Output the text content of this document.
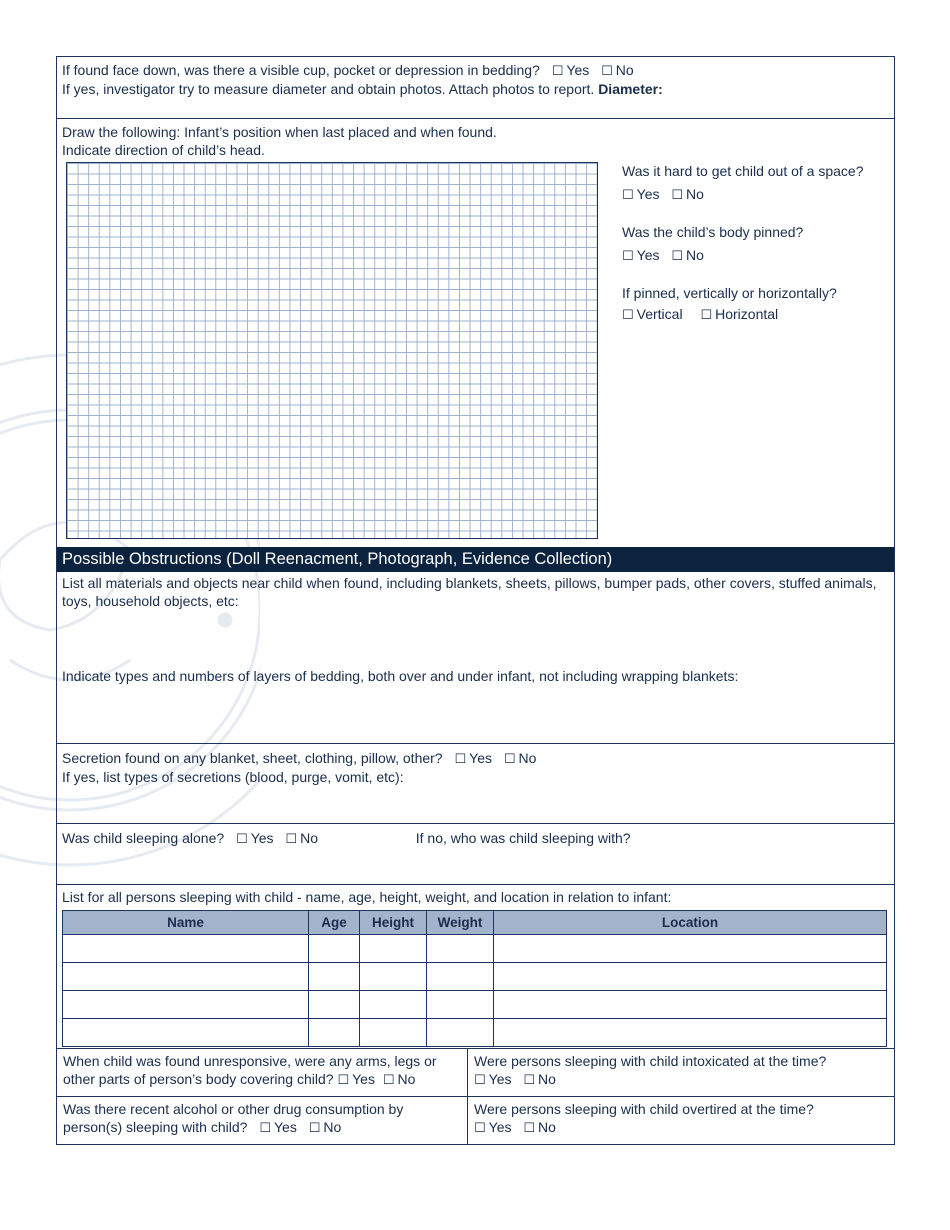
If found face down, was there a visible cup, pocket or depression in bedding? ☐ Yes ☐ No
If yes, investigator try to measure diameter and obtain photos. Attach photos to report. Diameter:
Draw the following: Infant’s position when last placed and when found.
Indicate direction of child’s head.
Was it hard to get child out of a space?
☐ Yes ☐ No
Was the child’s body pinned?
☐ Yes ☐ No
If pinned, vertically or horizontally?
☐ Vertical ☐ Horizontal
Possible Obstructions (Doll Reenacment, Photograph, Evidence Collection)
List all materials and objects near child when found, including blankets, sheets, pillows, bumper pads, other covers, stuffed animals, toys, household objects, etc:
Indicate types and numbers of layers of bedding, both over and under infant, not including wrapping blankets:
Secretion found on any blanket, sheet, clothing, pillow, other? ☐ Yes ☐ No
If yes, list types of secretions (blood, purge, vomit, etc):
Was child sleeping alone? ☐ Yes ☐ No	If no, who was child sleeping with?
List for all persons sleeping with child - name, age, height, weight, and location in relation to infant:
Name	Age	Height	Weight	Location

When child was found unresponsive, were any arms, legs or
other parts of person’s body covering child? ☐ Yes ☐ No
Were persons sleeping with child intoxicated at the time?
☐ Yes ☐ No
Was there recent alcohol or other drug consumption by
person(s) sleeping with child? ☐ Yes ☐ No
Were persons sleeping with child overtired at the time?
☐ Yes ☐ No
